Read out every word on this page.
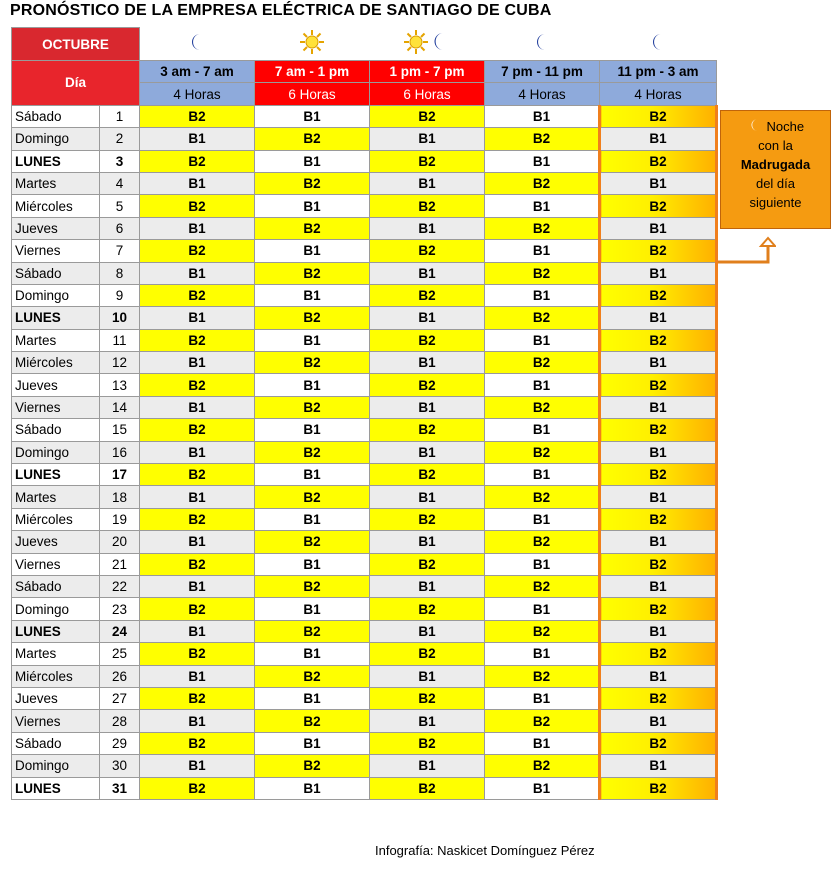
PRONÓSTICO DE LA EMPRESA ELÉCTRICA DE SANTIAGO DE CUBA
OCTUBRE					
Día		3 am - 7 am	7 am - 1 pm	1 pm - 7 pm	7 pm - 11 pm	11 pm - 3 am
		4 Horas	6 Horas	6 Horas	4 Horas	4 Horas
Sábado	1	B2	B1	B2	B1	B2
Domingo	2	B1	B2	B1	B2	B1
LUNES	3	B2	B1	B2	B1	B2
Martes	4	B1	B2	B1	B2	B1
Miércoles	5	B2	B1	B2	B1	B2
Jueves	6	B1	B2	B1	B2	B1
Viernes	7	B2	B1	B2	B1	B2
Sábado	8	B1	B2	B1	B2	B1
Domingo	9	B2	B1	B2	B1	B2
LUNES	10	B1	B2	B1	B2	B1
Martes	11	B2	B1	B2	B1	B2
Miércoles	12	B1	B2	B1	B2	B1
Jueves	13	B2	B1	B2	B1	B2
Viernes	14	B1	B2	B1	B2	B1
Sábado	15	B2	B1	B2	B1	B2
Domingo	16	B1	B2	B1	B2	B1
LUNES	17	B2	B1	B2	B1	B2
Martes	18	B1	B2	B1	B2	B1
Miércoles	19	B2	B1	B2	B1	B2
Jueves	20	B1	B2	B1	B2	B1
Viernes	21	B2	B1	B2	B1	B2
Sábado	22	B1	B2	B1	B2	B1
Domingo	23	B2	B1	B2	B1	B2
LUNES	24	B1	B2	B1	B2	B1
Martes	25	B2	B1	B2	B1	B2
Miércoles	26	B1	B2	B1	B2	B1
Jueves	27	B2	B1	B2	B1	B2
Viernes	28	B1	B2	B1	B2	B1
Sábado	29	B2	B1	B2	B1	B2
Domingo	30	B1	B2	B1	B2	B1
LUNES	31	B2	B1	B2	B1	B2
Noche
con la
Madrugada
del día
siguiente
Infografía: Naskicet Domínguez Pérez
